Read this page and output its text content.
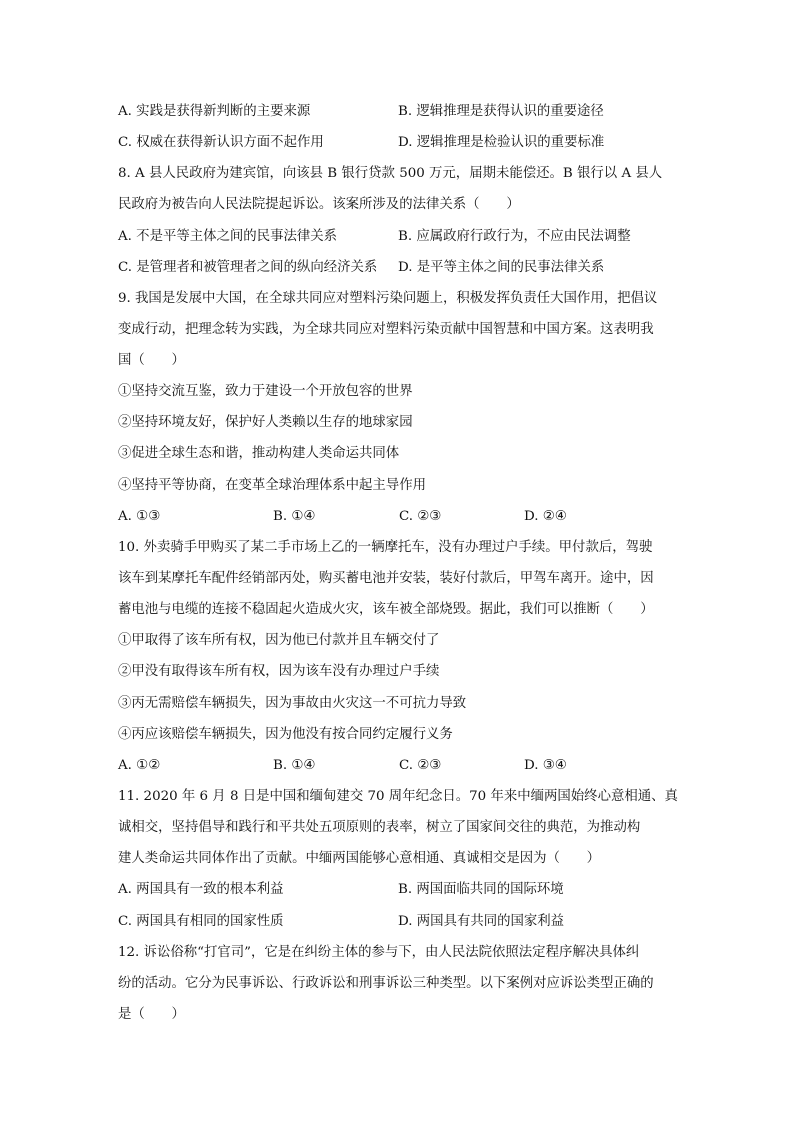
A. 实践是获得新判断的主要来源	B. 逻辑推理是获得认识的重要途径
C. 权威在获得新认识方面不起作用	D. 逻辑推理是检验认识的重要标准
8. A 县人民政府为建宾馆，向该县 B 银行贷款 500 万元，届期未能偿还。B 银行以 A 县人
民政府为被告向人民法院提起诉讼。该案所涉及的法律关系（　　）
A. 不是平等主体之间的民事法律关系	B. 应属政府行政行为，不应由民法调整
C. 是管理者和被管理者之间的纵向经济关系 D. 是平等主体之间的民事法律关系
9. 我国是发展中大国，在全球共同应对塑料污染问题上，积极发挥负责任大国作用，把倡议
变成行动，把理念转为实践，为全球共同应对塑料污染贡献中国智慧和中国方案。这表明我
国（　　）
①坚持交流互鉴，致力于建设一个开放包容的世界
②坚持环境友好，保护好人类赖以生存的地球家园
③促进全球生态和谐，推动构建人类命运共同体
④坚持平等协商，在变革全球治理体系中起主导作用
A. ①③	B. ①④	C. ②③	D. ②④
10. 外卖骑手甲购买了某二手市场上乙的一辆摩托车，没有办理过户手续。甲付款后，驾驶
该车到某摩托车配件经销部丙处，购买蓄电池并安装，装好付款后，甲驾车离开。途中，因
蓄电池与电缆的连接不稳固起火造成火灾，该车被全部烧毁。据此，我们可以推断（　　）
①甲取得了该车所有权，因为他已付款并且车辆交付了
②甲没有取得该车所有权，因为该车没有办理过户手续
③丙无需赔偿车辆损失，因为事故由火灾这一不可抗力导致
④丙应该赔偿车辆损失，因为他没有按合同约定履行义务
A. ①②	B. ①④	C. ②③	D. ③④
11. 2020 年 6 月 8 日是中国和缅甸建交 70 周年纪念日。70 年来中缅两国始终心意相通、真
诚相交，坚持倡导和践行和平共处五项原则的表率，树立了国家间交往的典范，为推动构
建人类命运共同体作出了贡献。中缅两国能够心意相通、真诚相交是因为（　　）
A. 两国具有一致的根本利益	B. 两国面临共同的国际环境
C. 两国具有相同的国家性质	D. 两国具有共同的国家利益
12. 诉讼俗称“打官司”，它是在纠纷主体的参与下，由人民法院依照法定程序解决具体纠
纷的活动。它分为民事诉讼、行政诉讼和刑事诉讼三种类型。以下案例对应诉讼类型正确的
是（　　）
